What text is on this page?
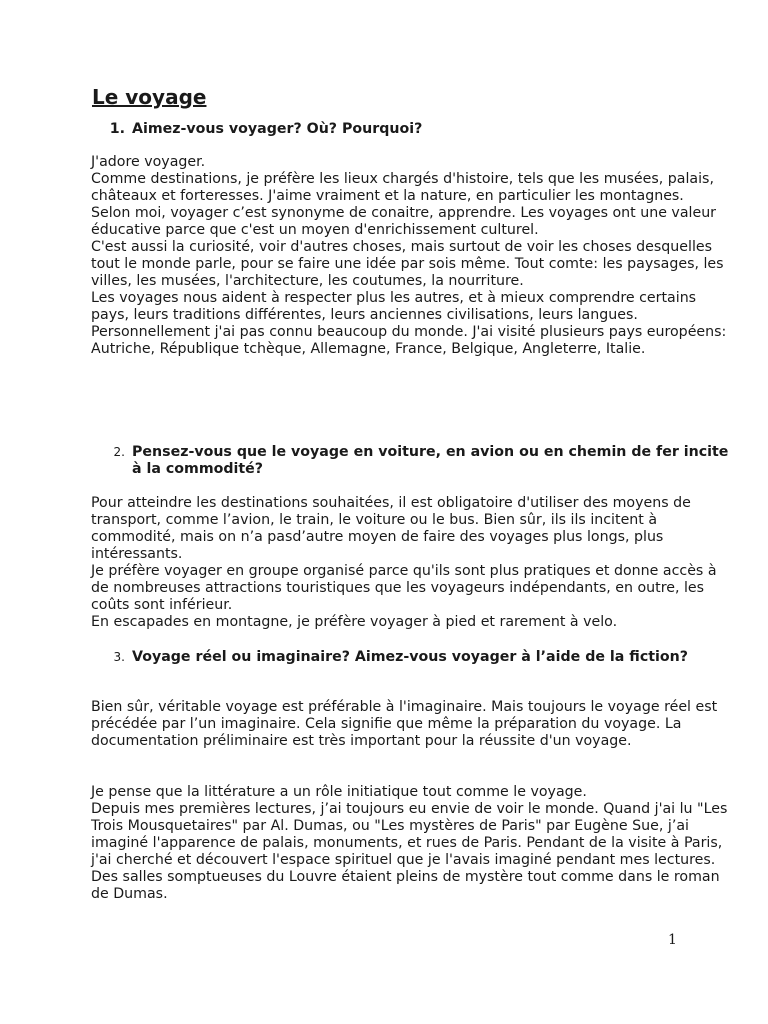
Le voyage
1. Aimez-vous voyager? Où? Pourquoi?

J'adore voyager.

Comme destinations, je préfère les lieux chargés d'histoire, tels que les musées, palais, châteaux et forteresses. J'aime vraiment et la nature, en particulier les montagnes.

Selon moi, voyager c’est synonyme de conaitre, apprendre. Les voyages ont une valeur éducative parce que c'est un moyen d'enrichissement culturel.

C'est aussi la curiosité, voir d'autres choses, mais surtout de voir les choses desquelles tout le monde parle, pour se faire une idée par sois même. Tout comte: les paysages, les villes, les musées, l'architecture, les coutumes, la nourriture.

Les voyages nous aident à respecter plus les autres, et à mieux comprendre certains pays, leurs traditions différentes, leurs anciennes civilisations, leurs langues.

Personnellement j'ai pas connu beaucoup du monde. J'ai visité plusieurs pays européens: Autriche, République tchèque, Allemagne, France, Belgique, Angleterre, Italie.

2. Pensez-vous que le voyage en voiture, en avion ou en chemin de fer incite à la commodité?

Pour atteindre les destinations souhaitées, il est obligatoire d'utiliser des moyens de transport, comme l’avion, le train, le voiture ou le bus. Bien sûr, ils ils incitent à commodité, mais on n’a pasd’autre moyen de faire des voyages plus longs, plus intéressants.

Je préfère voyager en groupe organisé parce qu'ils sont plus pratiques et donne accès à de nombreuses attractions touristiques que les voyageurs indépendants, en outre, les coûts sont inférieur.

En escapades en montagne, je préfère voyager à pied et rarement à velo.

3. Voyage réel ou imaginaire? Aimez-vous voyager à l’aide de la fiction?

Bien sûr, véritable voyage est préférable à l'imaginaire. Mais toujours le voyage réel est précédée par l’un imaginaire. Cela signifie que même la préparation du voyage. La documentation préliminaire est très important pour la réussite d'un voyage.

Je pense que la littérature a un rôle initiatique tout comme le voyage.

Depuis mes premières lectures, j’ai toujours eu envie de voir le monde. Quand j'ai lu "Les Trois Mousquetaires" par Al. Dumas, ou "Les mystères de Paris" par Eugène Sue, j’ai imaginé l'apparence de palais, monuments, et rues de Paris. Pendant de la visite à Paris, j'ai cherché et découvert l'espace spirituel que je l'avais imaginé pendant mes lectures. Des salles somptueuses du Louvre étaient pleins de mystère tout comme dans le roman de Dumas.

1
